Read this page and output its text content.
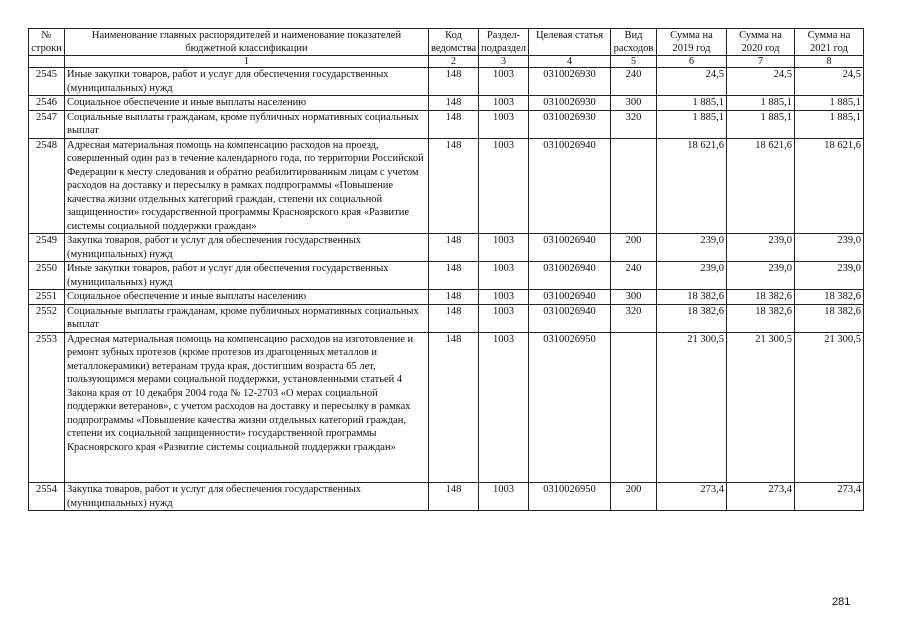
№ строки	Наименование главных распорядителей и наименование показателей бюджетной классификации	Код ведомства	Раздел-подраздел	Целевая статья	Вид расходов	Сумма на 2019 год	Сумма на 2020 год	Сумма на 2021 год
	1	2	3	4	5	6	7	8
2545	Иные закупки товаров, работ и услуг для обеспечения государственных (муниципальных) нужд	148	1003	0310026930	240	24,5	24,5	24,5
2546	Социальное обеспечение и иные выплаты населению	148	1003	0310026930	300	1 885,1	1 885,1	1 885,1
2547	Социальные выплаты гражданам, кроме публичных нормативных социальных выплат	148	1003	0310026930	320	1 885,1	1 885,1	1 885,1
2548	Адресная материальная помощь на компенсацию расходов на проезд, совершенный один раз в течение календарного года, по территории Российской Федерации к месту следования и обратно реабилитированным лицам с учетом расходов на доставку и пересылку в рамках подпрограммы «Повышение качества жизни отдельных категорий граждан, степени их социальной защищенности» государственной программы Красноярского края «Развитие системы социальной поддержки граждан»	148	1003	0310026940		18 621,6	18 621,6	18 621,6
2549	Закупка товаров, работ и услуг для обеспечения государственных (муниципальных) нужд	148	1003	0310026940	200	239,0	239,0	239,0
2550	Иные закупки товаров, работ и услуг для обеспечения государственных (муниципальных) нужд	148	1003	0310026940	240	239,0	239,0	239,0
2551	Социальное обеспечение и иные выплаты населению	148	1003	0310026940	300	18 382,6	18 382,6	18 382,6
2552	Социальные выплаты гражданам, кроме публичных нормативных социальных выплат	148	1003	0310026940	320	18 382,6	18 382,6	18 382,6
2553	Адресная материальная помощь на компенсацию расходов на изготовление и ремонт зубных протезов (кроме протезов из драгоценных металлов и металлокерамики) ветеранам труда края, достигшим возраста 65 лет, пользующимся мерами социальной поддержки, установленными статьей 4 Закона края от 10 декабря 2004 года № 12-2703 «О мерах социальной поддержки ветеранов», с учетом расходов на доставку и пересылку в рамках подпрограммы «Повышение качества жизни отдельных категорий граждан, степени их социальной защищенности» государственной программы Красноярского края «Развитие системы социальной поддержки граждан»	148	1003	0310026950		21 300,5	21 300,5	21 300,5
2554	Закупка товаров, работ и услуг для обеспечения государственных (муниципальных) нужд	148	1003	0310026950	200	273,4	273,4	273,4
281
